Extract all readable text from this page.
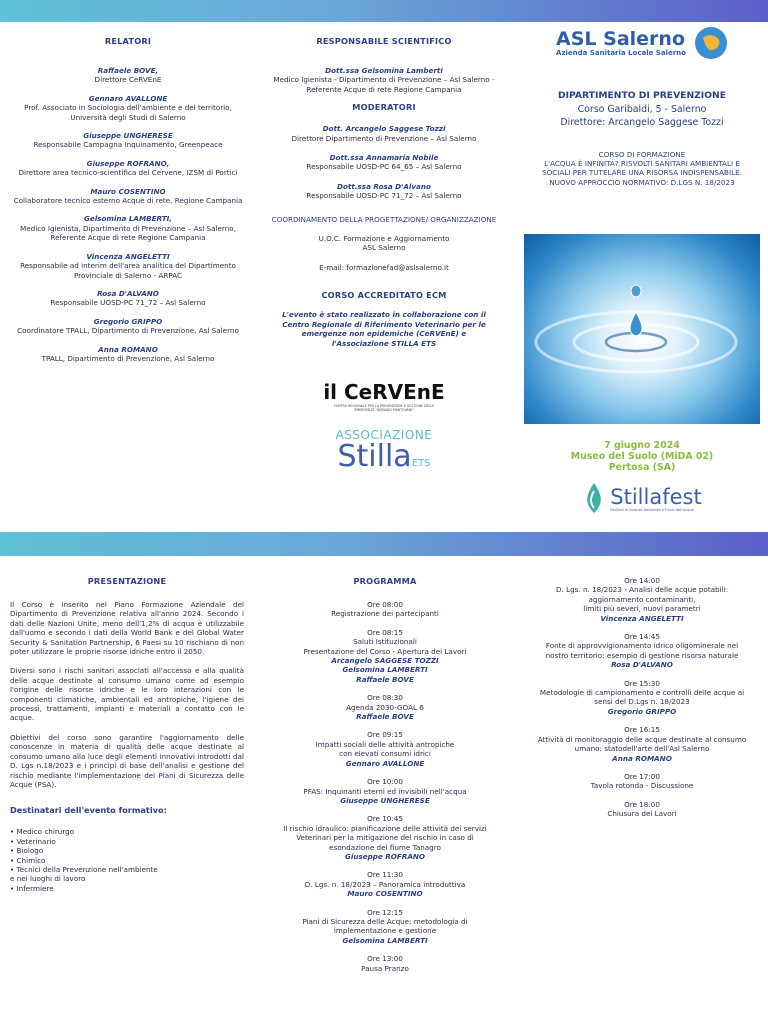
RELATORI
Raffaele BOVE,
Direttore CeRVEnE
Gennaro AVALLONE
Prof. Associato in Sociologia dell'ambiente e del territorio, Università degli Studi di Salerno
Giuseppe UNGHERESE
Responsabile Campagna Inquinamento, Greenpeace
Giuseppe ROFRANO,
Direttore area tecnico-scientifica del Cervene, IZSM di Portici
Mauro COSENTINO
Collaboratore tecnico esterno Acque di rete, Regione Campania
Gelsomina LAMBERTI,
Medico Igienista, Dipartimento di Prevenzione – Asl Salerno, Referente Acque di rete Regione Campania
Vincenza ANGELETTI
Responsabile ad interim dell'area analitica del Dipartimento Provinciale di Salerno - ARPAC
Rosa D'ALVANO
Responsabile UOSD-PC 71_72 – Asl Salerno
Gregorio GRIPPO
Coordinatore TPALL, Dipartimento di Prevenzione, Asl Salerno
Anna ROMANO
TPALL, Dipartimento di Prevenzione, Asl Salerno
RESPONSABILE SCIENTIFICO
Dott.ssa Gelsomina Lamberti
Medico Igienista - Dipartimento di Prevenzione – Asl Salerno - Referente Acque di rete Regione Campania
MODERATORI
Dott. Arcangelo Saggese Tozzi
Direttore Dipartimento di Prevenzione – Asl Salerno
Dott.ssa Annamaria Nobile
Responsabile UOSD-PC 64_65 – Asl Salerno
Dott.ssa Rosa D'Alvano
Responsabile UOSD-PC 71_72 – Asl Salerno
COORDINAMENTO DELLA PROGETTAZIONE/ ORGANIZZAZIONE
U.O.C. Formazione e Aggiornamento
ASL Salerno
E-mail: formazionefad@aslsalerno.it
CORSO ACCREDITATO ECM
L'evento è stato realizzato in collaborazione con il Centro Regionale di Riferimento Veterinario per le emergenze non epidemiche (CeRVEnE) e l'Associazione STILLA ETS
il CeRVEnE
CENTRO REGIONALE PER LA PREVENZIONE E GESTIONE DELLE EMERGENZE "ADRIANO MANTOVANI"
ASSOCIAZIONE
StillaETS
ASL Salerno
Azienda Sanitaria Locale Salerno
DIPARTIMENTO DI PREVENZIONE
Corso Garibaldi, 5 - Salerno
Direttore: Arcangelo Saggese Tozzi
CORSO DI FORMAZIONE
L'ACQUA È INFINITA? RISVOLTI SANITARI AMBIENTALI E
SOCIALI PER TUTELARE UNA RISORSA INDISPENSABILE.
NUOVO APPROCCIO NORMATIVO: D.LGS N. 18/2023
7 giugno 2024
Museo del Suolo (MiDA 02)
Pertosa (SA)
Stillafest
Festival di Scienza Ambiente e Flussi dell'acqua
PRESENTAZIONE

Il Corso è inserito nel Piano Formazione Aziendale del Dipartimento di Prevenzione relativa all'anno 2024. Secondo i dati delle Nazioni Unite, meno dell'1,2% di acqua è utilizzabile dall'uomo e secondo i dati della World Bank e del Global Water Security & Sanitation Partnership, 6 Paesi su 10 rischiano di non poter utilizzare le proprie risorse idriche entro il 2050.

Diversi sono i rischi sanitari associati all'accesso e alla qualità delle acque destinate al consumo umano come ad esempio l'origine delle risorse idriche e le loro interazioni con le componenti climatiche, ambientali ed antropiche, l'igiene dei processi, trattamenti, impianti e materiali a contatto con le acque.

Obiettivi del corso sono garantire l'aggiornamento delle conoscenze in materia di qualità delle acque destinate al consumo umano alla luce degli elementi innovativi introdotti dal D. Lgs n.18/2023 e i principi di base dell'analisi e gestione del rischio mediante l'implementazione dei Piani di Sicurezza delle Acque (PSA).

Destinatari dell'evento formativo:
• Medico chirurgo
• Veterinario
• Biologo
• Chimico
• Tecnici della Prevenzione nell'ambiente
e nei luoghi di lavoro
• Infermiere
PROGRAMMA

Ore 08:00

Registrazione dei partecipanti

Ore 08:15

Saluti Istituzionali

Presentazione del Corso - Apertura dei Lavori

Arcangelo SAGGESE TOZZI

Gelsomina LAMBERTI

Raffaele BOVE

Ore 08:30

Agenda 2030-GOAL 6

Raffaele BOVE

Ore 09:15

Impatti sociali delle attività antropiche

con elevati consumi idrici

Gennaro AVALLONE

Ore 10:00

PFAS: Inquinanti eterni ed invisibili nell'acqua

Giuseppe UNGHERESE

Ore 10:45

Il rischio idraulico: pianificazione delle attività dei servizi

Veterinari per la mitigazione del rischio in caso di

esondazione del fiume Tanagro

Giuseppe ROFRANO

Ore 11:30

D. Lgs. n. 18/2023 – Panoramica introduttiva

Mauro COSENTINO

Ore 12:15

Piani di Sicurezza delle Acque: metodologia di

implementazione e gestione

Gelsomina LAMBERTI

Ore 13:00

Pausa Pranzo

Ore 14:00

D. Lgs. n. 18/2023 - Analisi delle acque potabili:

aggiornamento contaminanti,

limiti più severi, nuovi parametri

Vincenza ANGELETTI

Ore 14:45

Fonte di approvvigionamento idrico oligominerale nel

nostro territorio: esempio di gestione risorsa naturale

Rosa D'ALVANO

Ore 15:30

Metodologie di campionamento e controlli delle acque ai

sensi del D.Lgs n. 18/2023

Gregorio GRIPPO

Ore 16:15

Attività di monitoraggio delle acque destinate al consumo

umano: statodell'arte dell'Asl Salerno

Anna ROMANO

Ore 17:00

Tavola rotonda - Discussione

Ore 18:00

Chiusura dei Lavori
